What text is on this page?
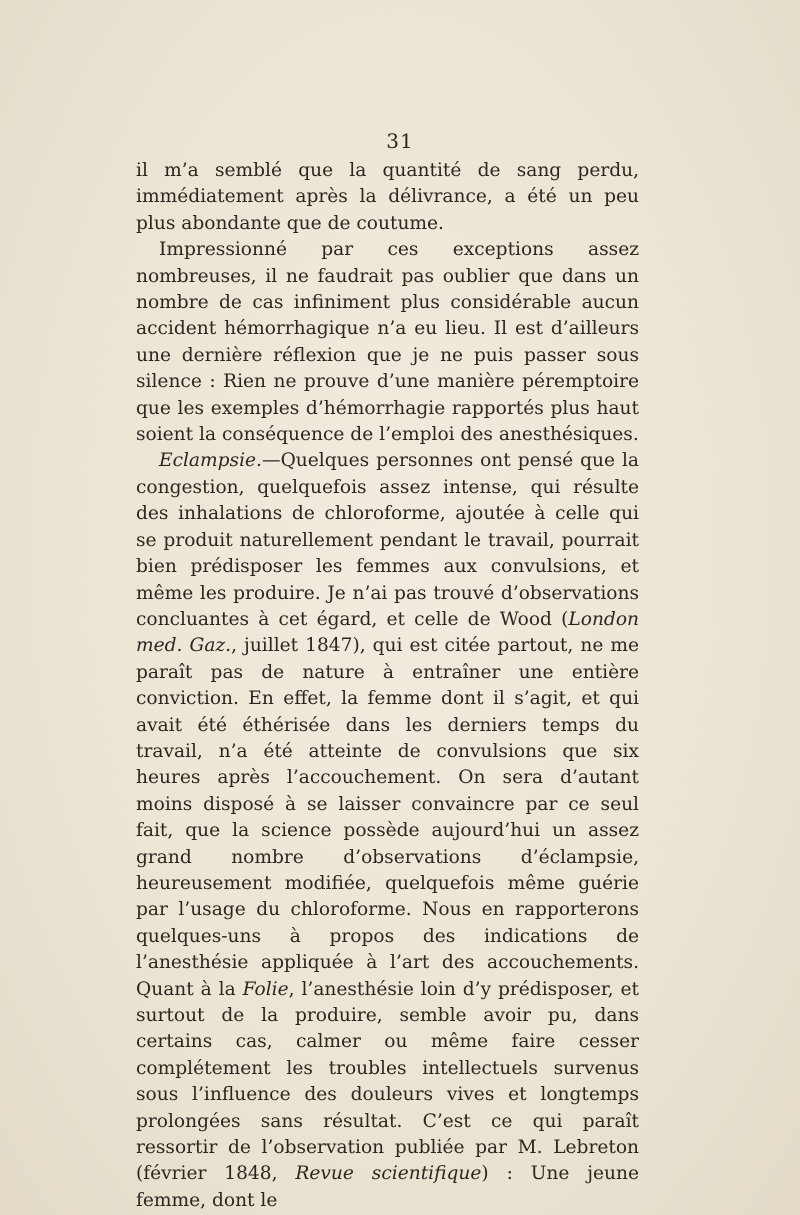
31

il m’a semblé que la quantité de sang perdu, immédiatement après la délivrance, a été un peu plus abondante que de coutume.

Impressionné par ces exceptions assez nombreuses, il ne faudrait pas oublier que dans un nombre de cas infiniment plus considérable aucun accident hémorrhagique n’a eu lieu. Il est d’ailleurs une dernière réflexion que je ne puis passer sous silence : Rien ne prouve d’une manière péremptoire que les exemples d’hémorrhagie rapportés plus haut soient la conséquence de l’emploi des anesthésiques.

Eclampsie.—Quelques personnes ont pensé que la congestion, quelquefois assez intense, qui résulte des inhalations de chloroforme, ajoutée à celle qui se produit naturellement pendant le travail, pourrait bien prédisposer les femmes aux convulsions, et même les produire. Je n’ai pas trouvé d’observations concluantes à cet égard, et celle de Wood (London med. Gaz., juillet 1847), qui est citée partout, ne me paraît pas de nature à entraîner une entière conviction. En effet, la femme dont il s’agit, et qui avait été éthérisée dans les derniers temps du travail, n’a été atteinte de convulsions que six heures après l’accouchement. On sera d’autant moins disposé à se laisser convaincre par ce seul fait, que la science possède aujourd’hui un assez grand nombre d’observations d’éclampsie, heureusement modifiée, quelquefois même guérie par l’usage du chloroforme. Nous en rapporterons quelques-uns à propos des indications de l’anesthésie appliquée à l’art des accouchements. Quant à la Folie, l’anesthésie loin d’y prédisposer, et surtout de la produire, semble avoir pu, dans certains cas, calmer ou même faire cesser complétement les troubles intellectuels survenus sous l’influence des douleurs vives et longtemps prolongées sans résultat. C’est ce qui paraît ressortir de l’observation publiée par M. Lebreton (février 1848, Revue scientifique) : Une jeune femme, dont le
